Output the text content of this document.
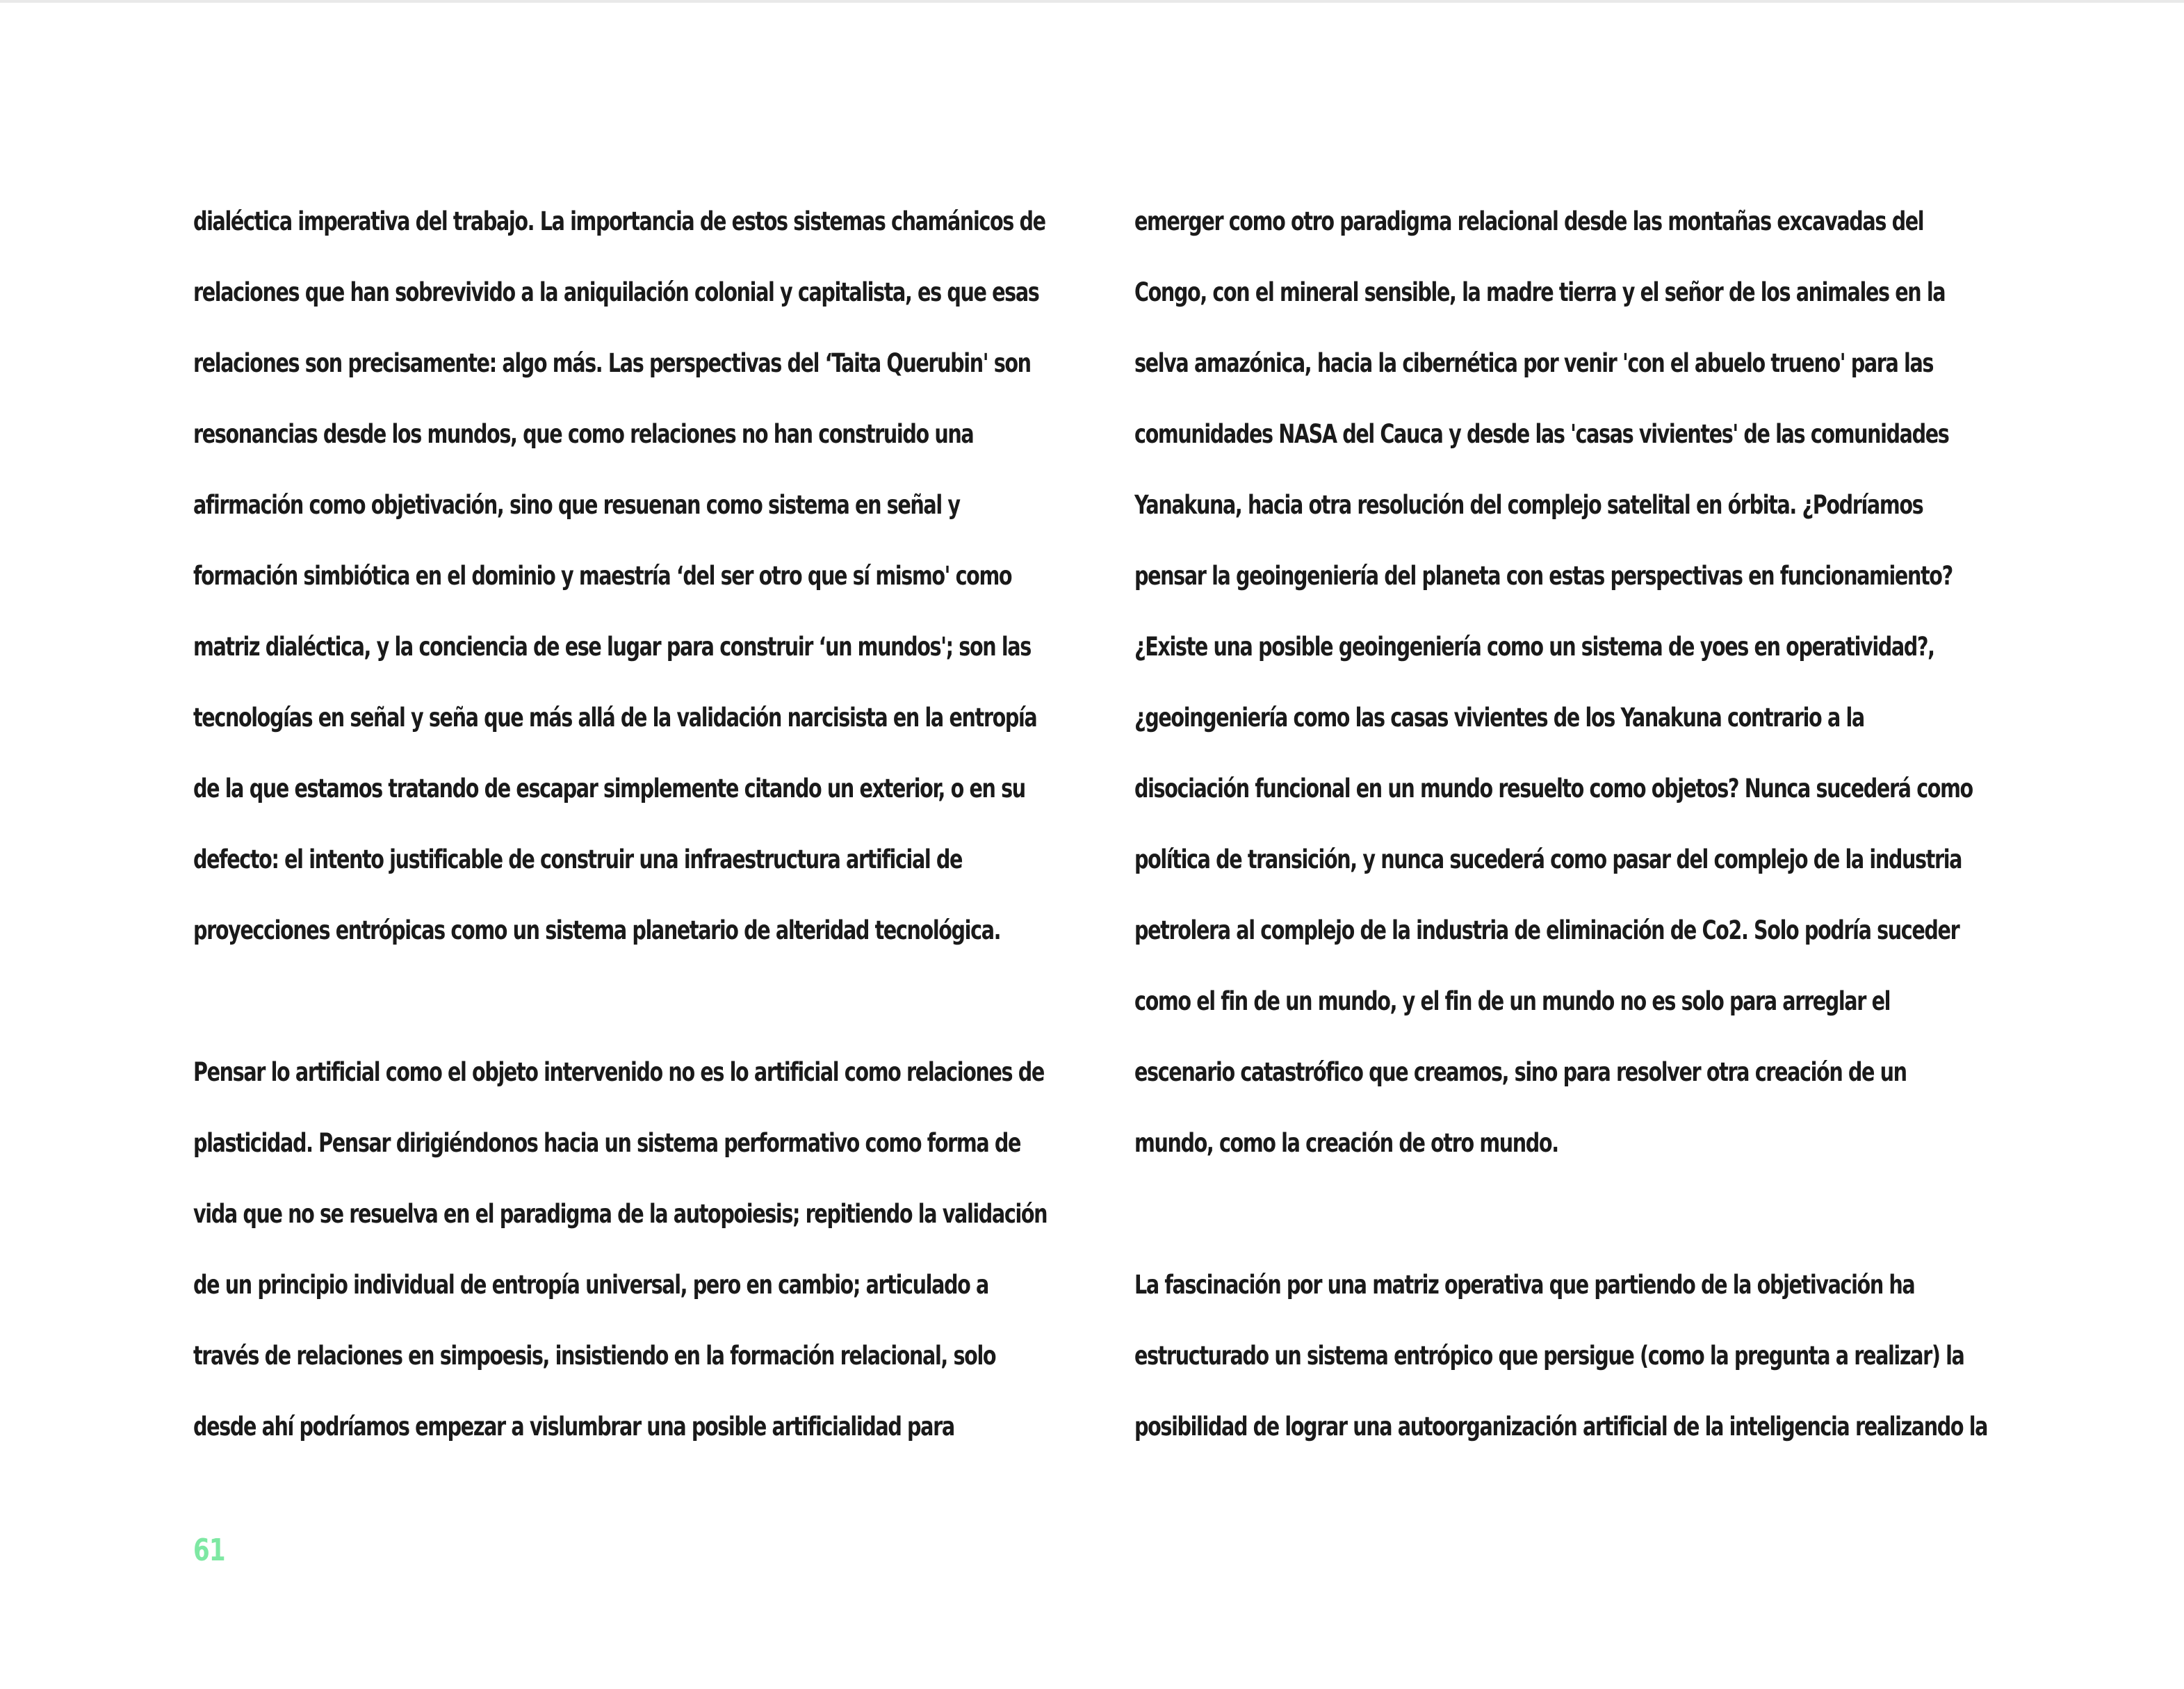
dialéctica imperativa del trabajo. La importancia de estos sistemas chamánicos de
relaciones que han sobrevivido a la aniquilación colonial y capitalista, es que esas
relaciones son precisamente: algo más. Las perspectivas del ‘Taita Querubin' son
resonancias desde los mundos, que como relaciones no han construido una
afirmación como objetivación, sino que resuenan como sistema en señal y
formación simbiótica en el dominio y maestría ‘del ser otro que sí mismo' como
matriz dialéctica, y la conciencia de ese lugar para construir ‘un mundos'; son las
tecnologías en señal y seña que más allá de la validación narcisista en la entropía
de la que estamos tratando de escapar simplemente citando un exterior, o en su
defecto: el intento justificable de construir una infraestructura artificial de
proyecciones entrópicas como un sistema planetario de alteridad tecnológica.
Pensar lo artificial como el objeto intervenido no es lo artificial como relaciones de
plasticidad. Pensar dirigiéndonos hacia un sistema performativo como forma de
vida que no se resuelva en el paradigma de la autopoiesis; repitiendo la validación
de un principio individual de entropía universal, pero en cambio; articulado a
través de relaciones en simpoesis, insistiendo en la formación relacional, solo
desde ahí podríamos empezar a vislumbrar una posible artificialidad para
emerger como otro paradigma relacional desde las montañas excavadas del
Congo, con el mineral sensible, la madre tierra y el señor de los animales en la
selva amazónica, hacia la cibernética por venir 'con el abuelo trueno' para las
comunidades NASA del Cauca y desde las 'casas vivientes' de las comunidades
Yanakuna, hacia otra resolución del complejo satelital en órbita. ¿Podríamos
pensar la geoingeniería del planeta con estas perspectivas en funcionamiento?
¿Existe una posible geoingeniería como un sistema de yoes en operatividad?,
¿geoingeniería como las casas vivientes de los Yanakuna contrario a la
disociación funcional en un mundo resuelto como objetos? Nunca sucederá como
política de transición, y nunca sucederá como pasar del complejo de la industria
petrolera al complejo de la industria de eliminación de Co2. Solo podría suceder
como el fin de un mundo, y el fin de un mundo no es solo para arreglar el
escenario catastrófico que creamos, sino para resolver otra creación de un
mundo, como la creación de otro mundo.
La fascinación por una matriz operativa que partiendo de la objetivación ha
estructurado un sistema entrópico que persigue (como la pregunta a realizar) la
posibilidad de lograr una autoorganización artificial de la inteligencia realizando la
61
